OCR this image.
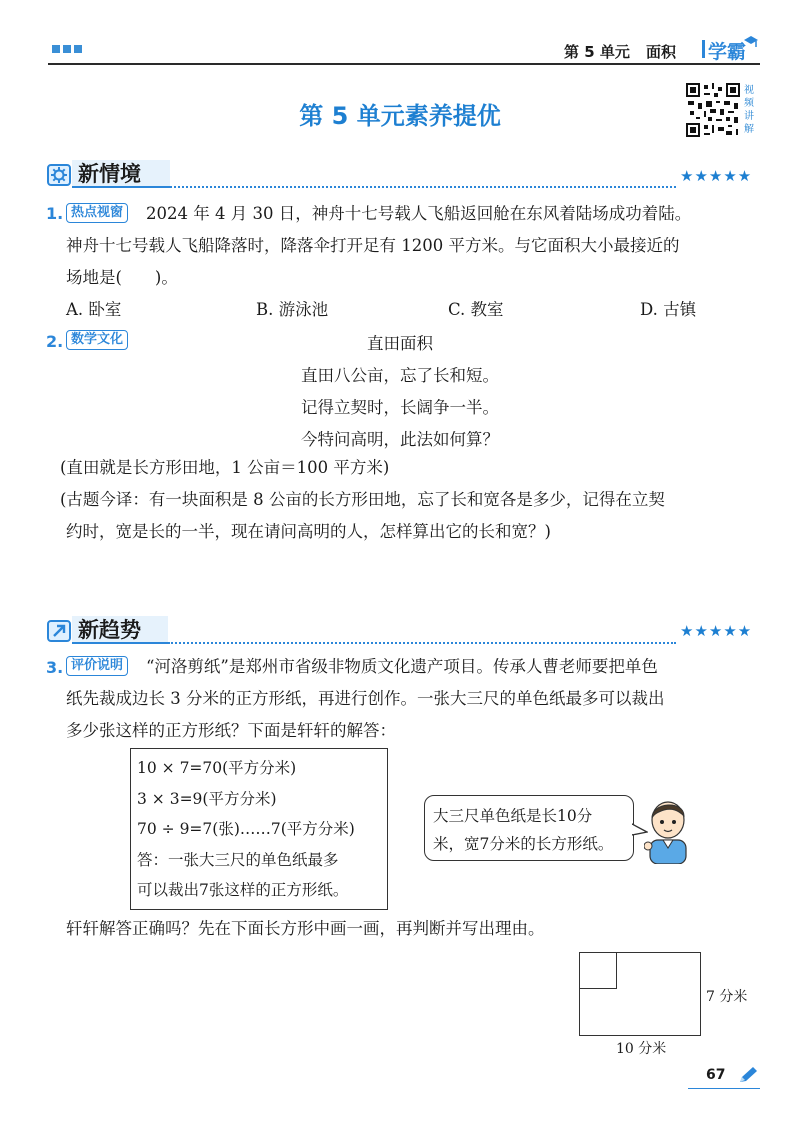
第 5 单元 面积 学霸
第 5 单元素养提优
视频讲解
新情境	★★★★★
1. 热点视窗	2024 年 4 月 30 日，神舟十七号载人飞船返回舱在东风着陆场成功着陆。
神舟十七号载人飞船降落时，降落伞打开足有 1200 平方米。与它面积大小最接近的
场地是(　　)。
A. 卧室	B. 游泳池	C. 教室	D. 古镇
2. 数学文化	直田面积
直田八公亩，忘了长和短。
记得立契时，长阔争一半。
今特问高明，此法如何算？
(直田就是长方形田地，1 公亩＝100 平方米)
(古题今译：有一块面积是 8 公亩的长方形田地，忘了长和宽各是多少，记得在立契
约时，宽是长的一半，现在请问高明的人，怎样算出它的长和宽？)
新趋势	★★★★★
3. 评价说明	“河洛剪纸”是郑州市省级非物质文化遗产项目。传承人曹老师要把单色
纸先裁成边长 3 分米的正方形纸，再进行创作。一张大三尺的单色纸最多可以裁出
多少张这样的正方形纸？下面是轩轩的解答：
10 × 7=70(平方分米)
3 × 3=9(平方分米)
70 ÷ 9=7(张)……7(平方分米)
答：一张大三尺的单色纸最多
可以裁出7张这样的正方形纸。
大三尺单色纸是长10分
米，宽7分米的长方形纸。
轩轩解答正确吗？先在下面长方形中画一画，再判断并写出理由。
7 分米
10 分米
67
